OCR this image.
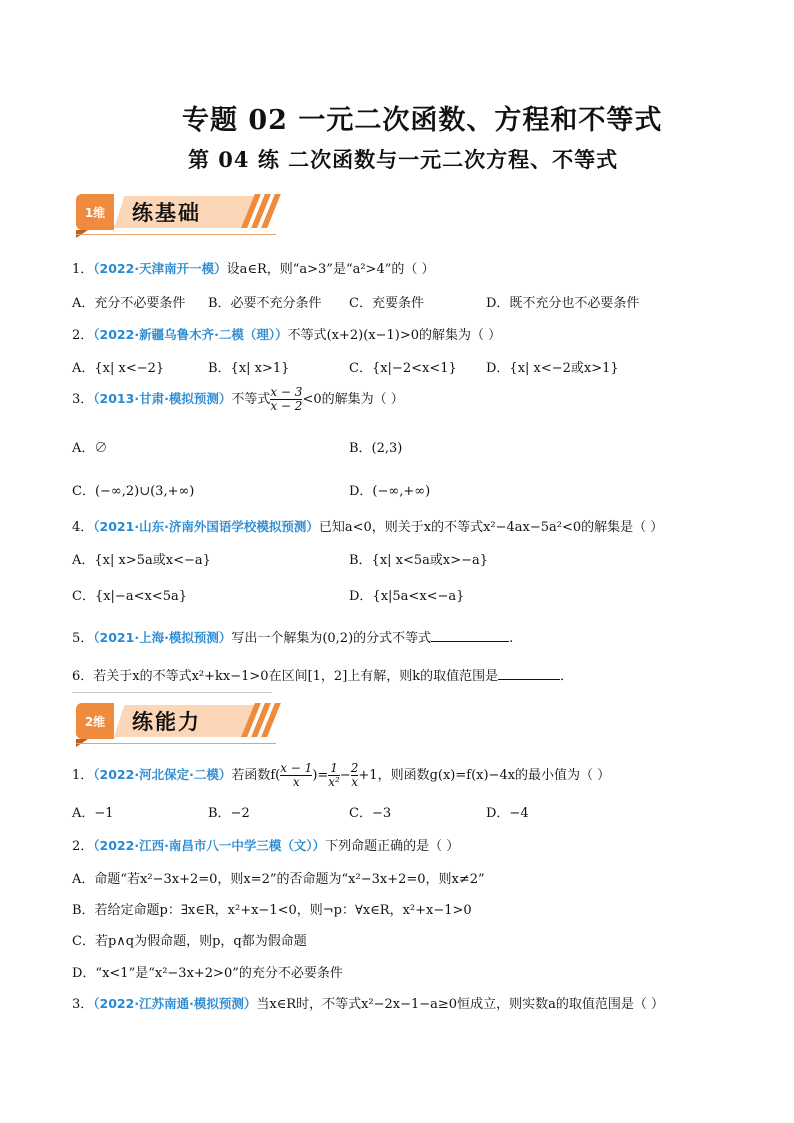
专题 02 一元二次函数、方程和不等式
第 04 练 二次函数与一元二次方程、不等式
1维	练基础
1．（2022·天津南开一模）设a∈R，则“a>3”是“a²>4”的（ ）
A．充分不必要条件 B．必要不充分条件 C．充要条件	D．既不充分也不必要条件
2．（2022·新疆乌鲁木齐·二模（理））不等式(x+2)(x−1)>0的解集为（ ）
A．{x| x<−2}	B．{x| x>1}	C．{x|−2<x<1} D．{x| x<−2或x>1}
3．（2013·甘肃·模拟预测）不等式 $\frac{x - 3}{x - 2} <0$的解集为（ ）
A．∅	B．(2,3)
C．(−∞,2)∪(3,+∞)	D．(−∞,+∞)
4．（2021·山东·济南外国语学校模拟预测）已知a<0，则关于x的不等式x²−4ax−5a²<0的解集是（ ）
A．{x| x>5a或x<−a}	B．{x| x<5a或x>−a}
C．{x|−a<x<5a}	D．{x|5a<x<−a}
5．（2021·上海·模拟预测）写出一个解集为(0,2)的分式不等式	.
6．若关于x的不等式x²+kx−1>0在区间[1，2]上有解，则k的取值范围是	．
2维	练能力
1．（2022·河北保定·二模）若函数$f( \frac{x - 1}{x}$ )= $\frac{1}{\text{x²}} - \frac{2}{x} +1$，则函数g(x)=f(x)−4x的最小值为（ ）
A．−1	B．−2	C．−3	D．−4
2．（2022·江西·南昌市八一中学三模（文））下列命题正确的是（ ）
A．命题“若x²−3x+2=0，则x=2”的否命题为“x²−3x+2=0，则x≠2”
B．若给定命题p：∃x∈R，x²+x−1<0，则¬p：∀x∈R，x²+x−1>0
C．若p∧q为假命题，则p，q都为假命题
D．“x<1”是“x²−3x+2>0”的充分不必要条件
3．（2022·江苏南通·模拟预测）当x∈R时，不等式x²−2x−1−a≥0恒成立，则实数a的取值范围是（ ）
